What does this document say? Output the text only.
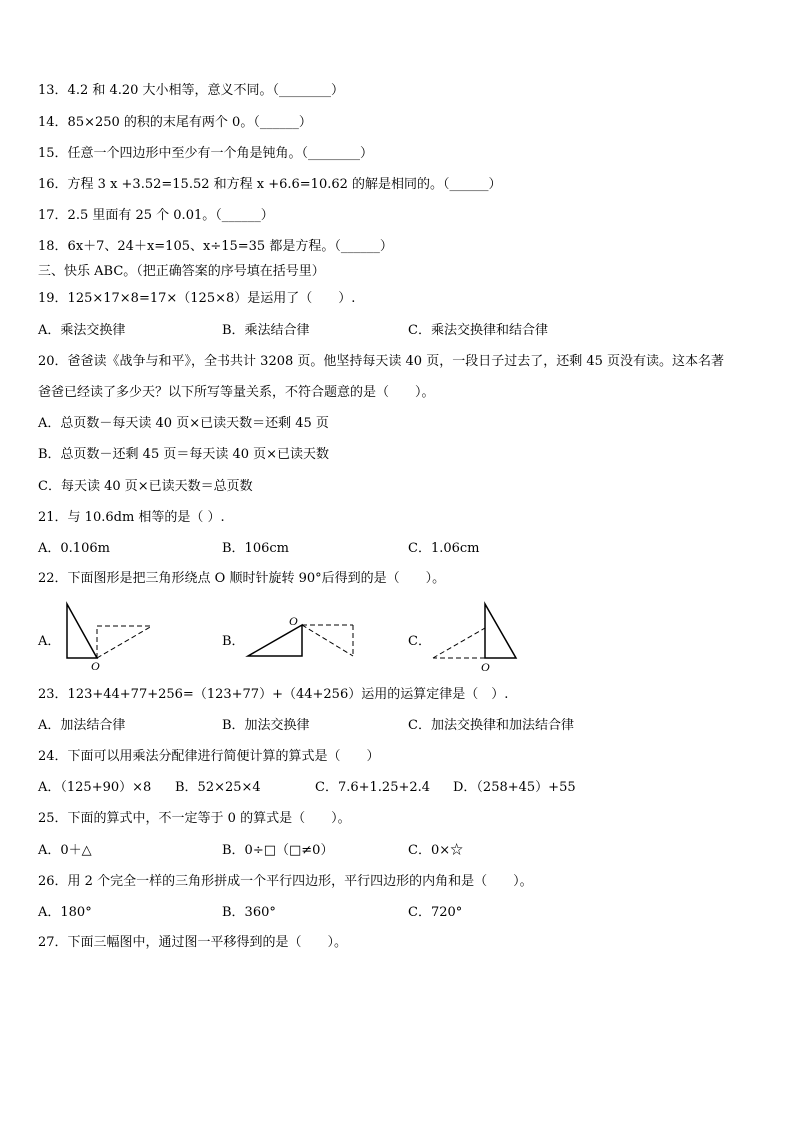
13．4.2 和 4.20 大小相等，意义不同。（________）
14．85×250 的积的末尾有两个 0。（______）
15．任意一个四边形中至少有一个角是钝角。（________）
16．方程 3 x +3.52=15.52 和方程 x +6.6=10.62 的解是相同的。（______）
17．2.5 里面有 25 个 0.01。（______）
18．6x＋7、24＋x=105、x÷15=35 都是方程。（______）
三、快乐 ABC。（把正确答案的序号填在括号里）
19．125×17×8=17×（125×8）是运用了（　　）.
A．乘法交换律	B．乘法结合律	C．乘法交换律和结合律
20．爸爸读《战争与和平》，全书共计 3208 页。他坚持每天读 40 页，一段日子过去了，还剩 45 页没有读。这本名著
爸爸已经读了多少天？以下所写等量关系，不符合题意的是（　　）。
A．总页数－每天读 40 页×已读天数＝还剩 45 页
B．总页数－还剩 45 页＝每天读 40 页×已读天数
C．每天读 40 页×已读天数＝总页数
21．与 10.6dm 相等的是（ ）.
A．0.106m	B．106cm	C．1.06cm
22．下面图形是把三角形绕点 O 顺时针旋转 90°后得到的是（　　）。
A．
O
B．
O
C．
O
23．123+44+77+256=（123+77）+（44+256）运用的运算定律是（　）.
A．加法结合律	B．加法交换律	C．加法交换律和加法结合律
24．下面可以用乘法分配律进行简便计算的算式是（　　）
A．（125+90）×8 B．52×25×4	C．7.6+1.25+2.4 D．（258+45）+55
25．下面的算式中，不一定等于 0 的算式是（　　）。
A．0＋△	B．0÷□（□≠0）	C．0×☆
26．用 2 个完全一样的三角形拼成一个平行四边形，平行四边形的内角和是（　　）。
A．180°	B．360°	C．720°
27．下面三幅图中，通过图一平移得到的是（　　）。
